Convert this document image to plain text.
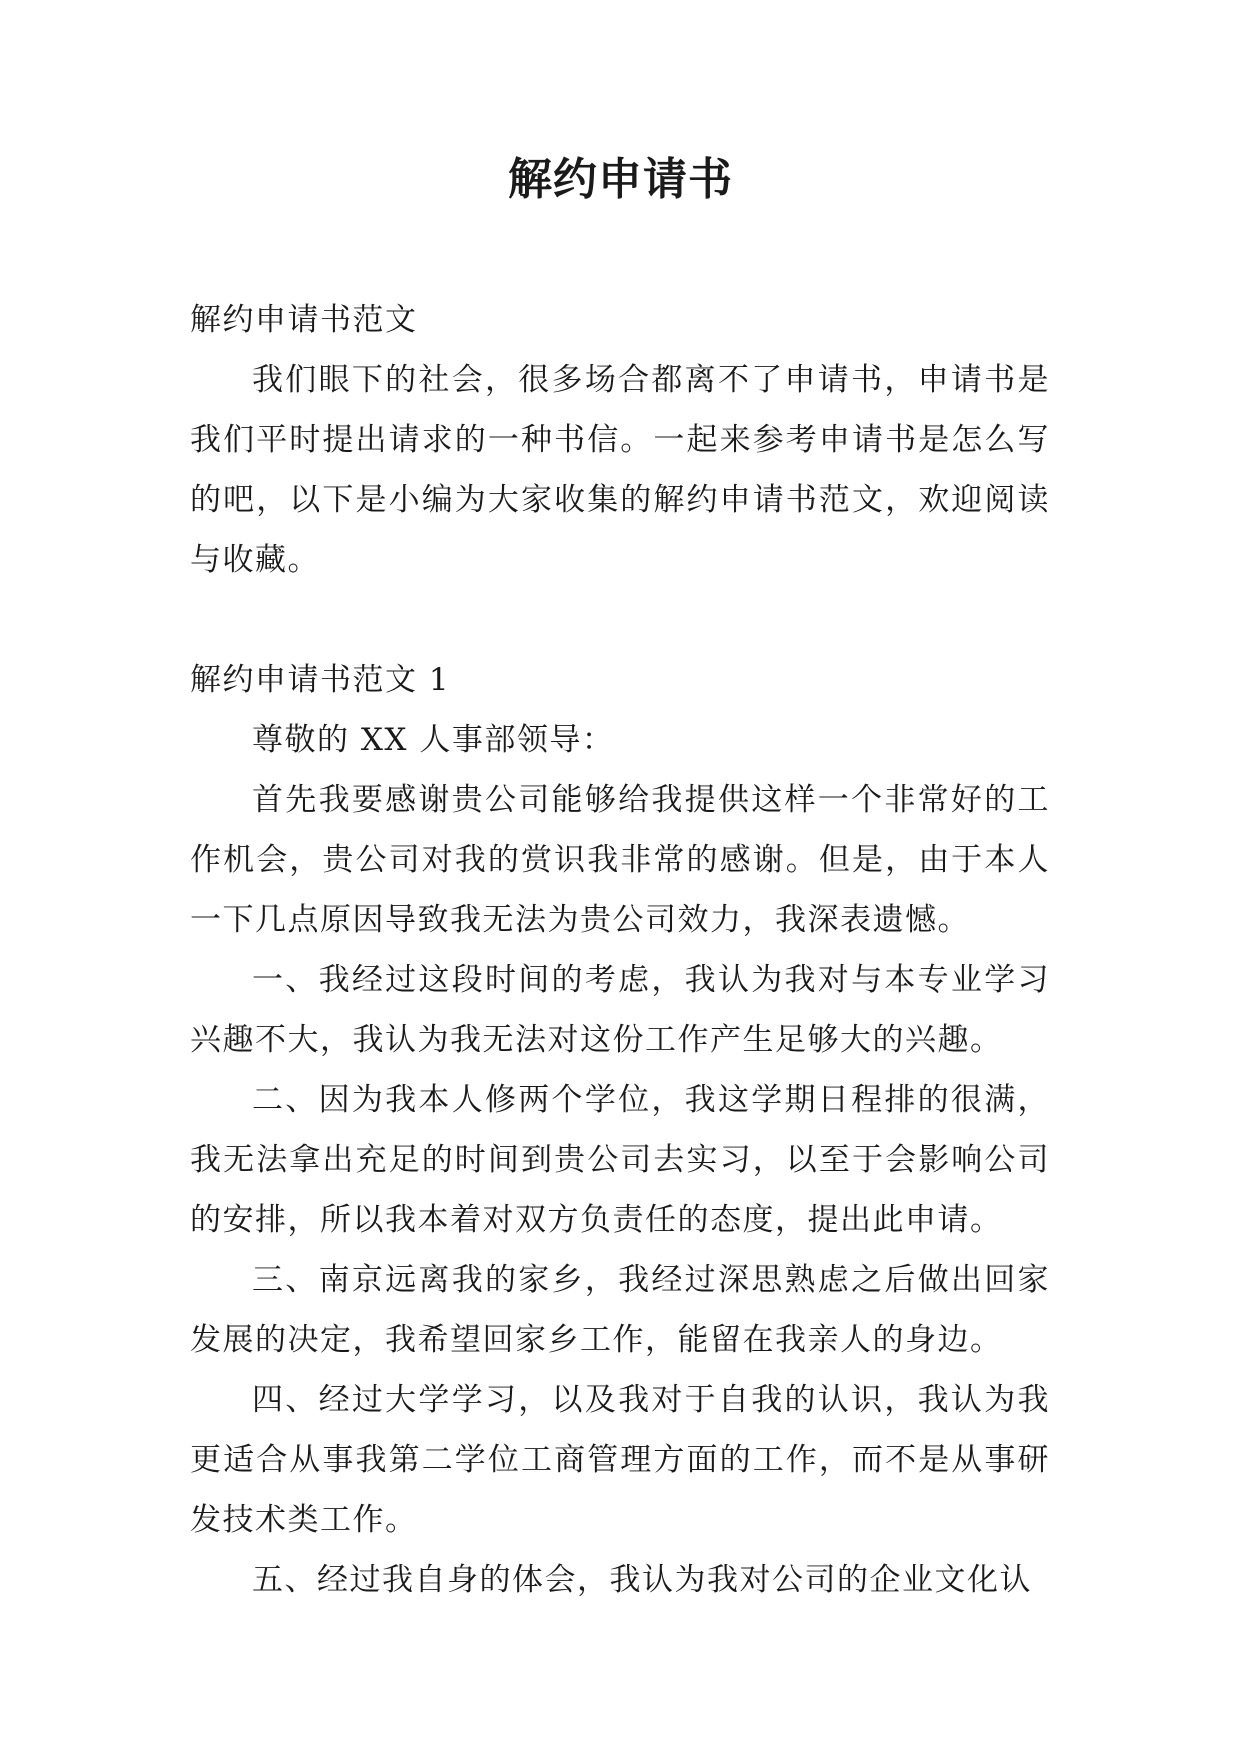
解约申请书

解约申请书范文

我们眼下的社会，很多场合都离不了申请书，申请书是我们平时提出请求的一种书信。一起来参考申请书是怎么写的吧，以下是小编为大家收集的解约申请书范文，欢迎阅读与收藏。

解约申请书范文 1

尊敬的 XX 人事部领导：

首先我要感谢贵公司能够给我提供这样一个非常好的工作机会，贵公司对我的赏识我非常的感谢。但是，由于本人一下几点原因导致我无法为贵公司效力，我深表遗憾。

一、我经过这段时间的考虑，我认为我对与本专业学习兴趣不大，我认为我无法对这份工作产生足够大的兴趣。

二、因为我本人修两个学位，我这学期日程排的很满，我无法拿出充足的时间到贵公司去实习，以至于会影响公司的安排，所以我本着对双方负责任的态度，提出此申请。

三、南京远离我的家乡，我经过深思熟虑之后做出回家发展的决定，我希望回家乡工作，能留在我亲人的身边。

四、经过大学学习，以及我对于自我的认识，我认为我更适合从事我第二学位工商管理方面的工作，而不是从事研发技术类工作。

五、经过我自身的体会，我认为我对公司的企业文化认
